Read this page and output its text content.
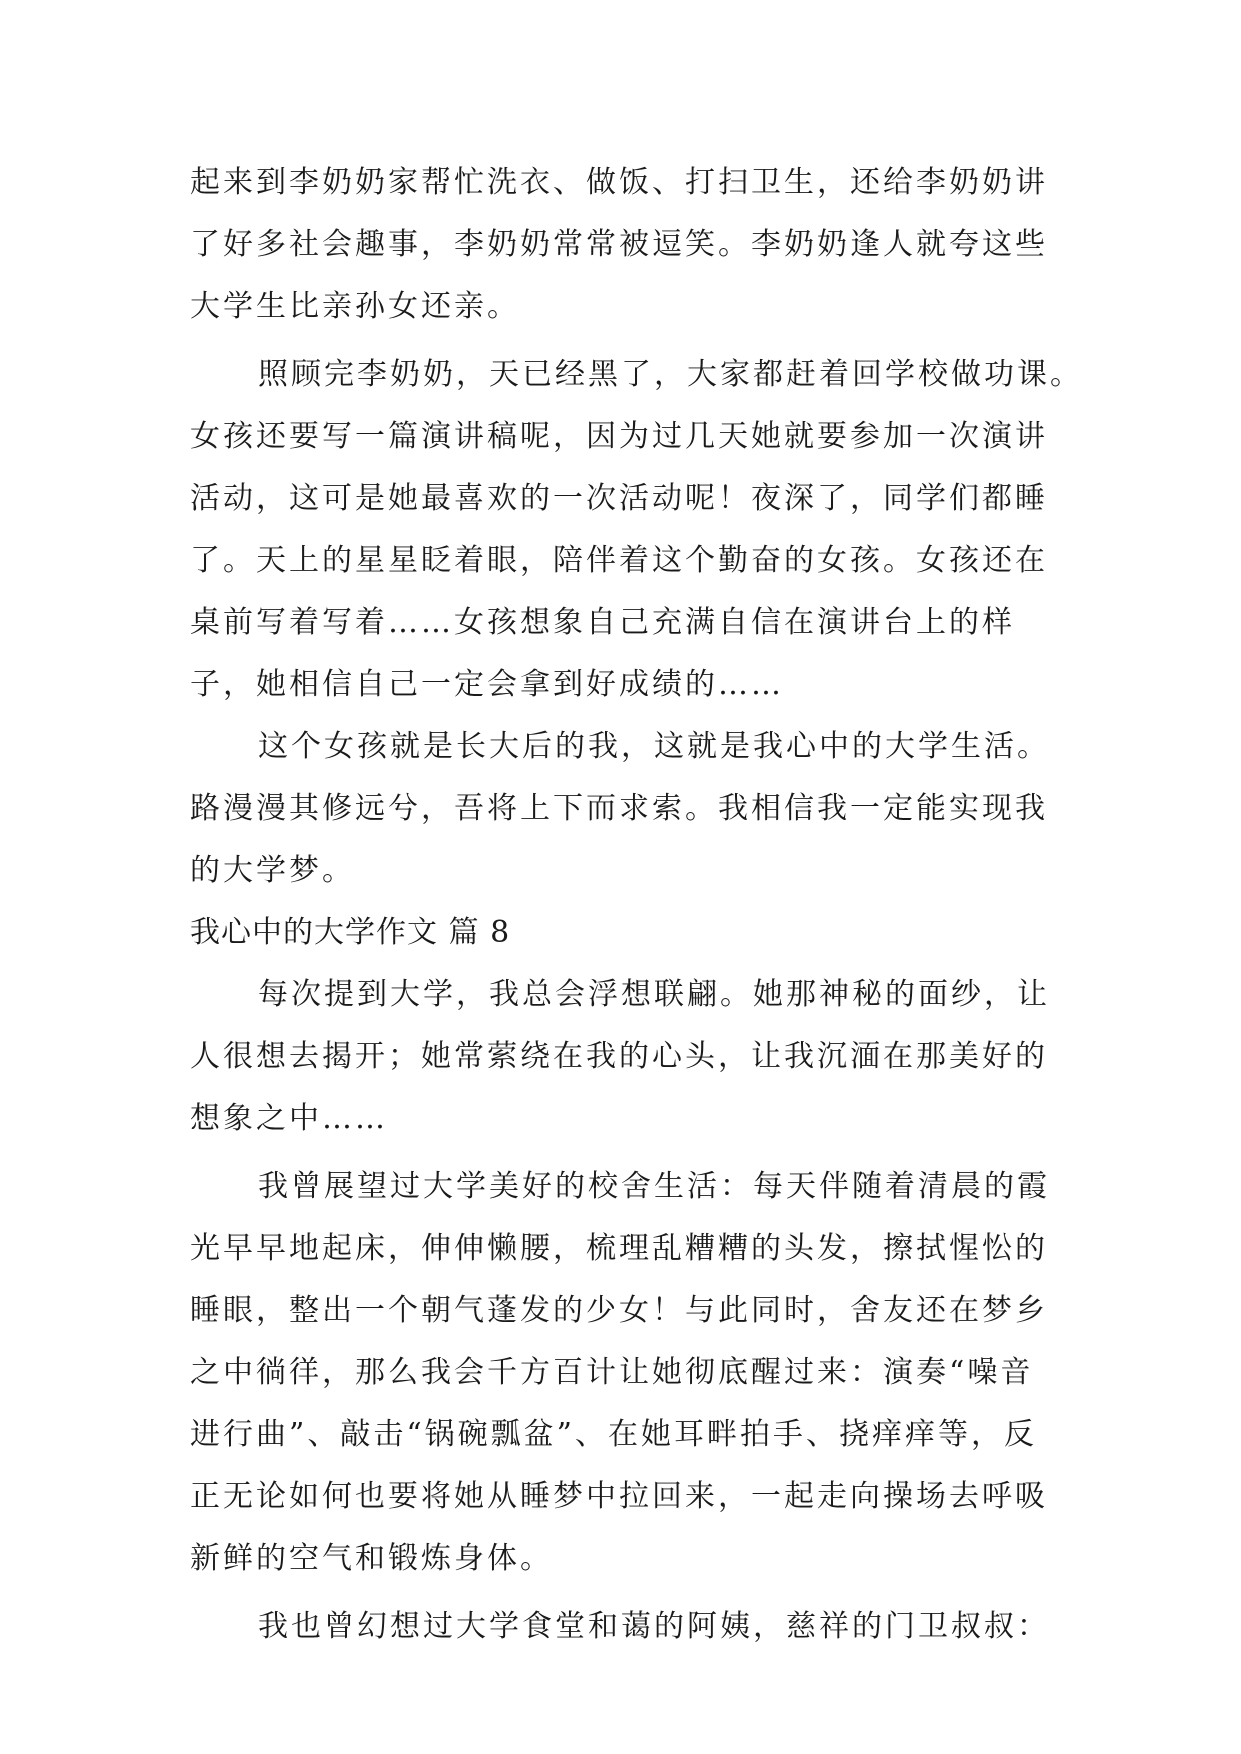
起来到李奶奶家帮忙洗衣、做饭、打扫卫生，还给李奶奶讲
了好多社会趣事，李奶奶常常被逗笑。李奶奶逢人就夸这些
大学生比亲孙女还亲。
照顾完李奶奶，天已经黑了，大家都赶着回学校做功课。
女孩还要写一篇演讲稿呢，因为过几天她就要参加一次演讲
活动，这可是她最喜欢的一次活动呢！夜深了，同学们都睡
了。天上的星星眨着眼，陪伴着这个勤奋的女孩。女孩还在
桌前写着写着……女孩想象自己充满自信在演讲台上的样
子，她相信自己一定会拿到好成绩的……
这个女孩就是长大后的我，这就是我心中的大学生活。
路漫漫其修远兮，吾将上下而求索。我相信我一定能实现我
的大学梦。
我心中的大学作文 篇 8
每次提到大学，我总会浮想联翩。她那神秘的面纱，让
人很想去揭开；她常萦绕在我的心头，让我沉湎在那美好的
想象之中……
我曾展望过大学美好的校舍生活：每天伴随着清晨的霞
光早早地起床，伸伸懒腰，梳理乱糟糟的头发，擦拭惺忪的
睡眼，整出一个朝气蓬发的少女！与此同时，舍友还在梦乡
之中徜徉，那么我会千方百计让她彻底醒过来：演奏“噪音
进行曲”、敲击“锅碗瓢盆”、在她耳畔拍手、挠痒痒等，反
正无论如何也要将她从睡梦中拉回来，一起走向操场去呼吸
新鲜的空气和锻炼身体。
我也曾幻想过大学食堂和蔼的阿姨，慈祥的门卫叔叔：
